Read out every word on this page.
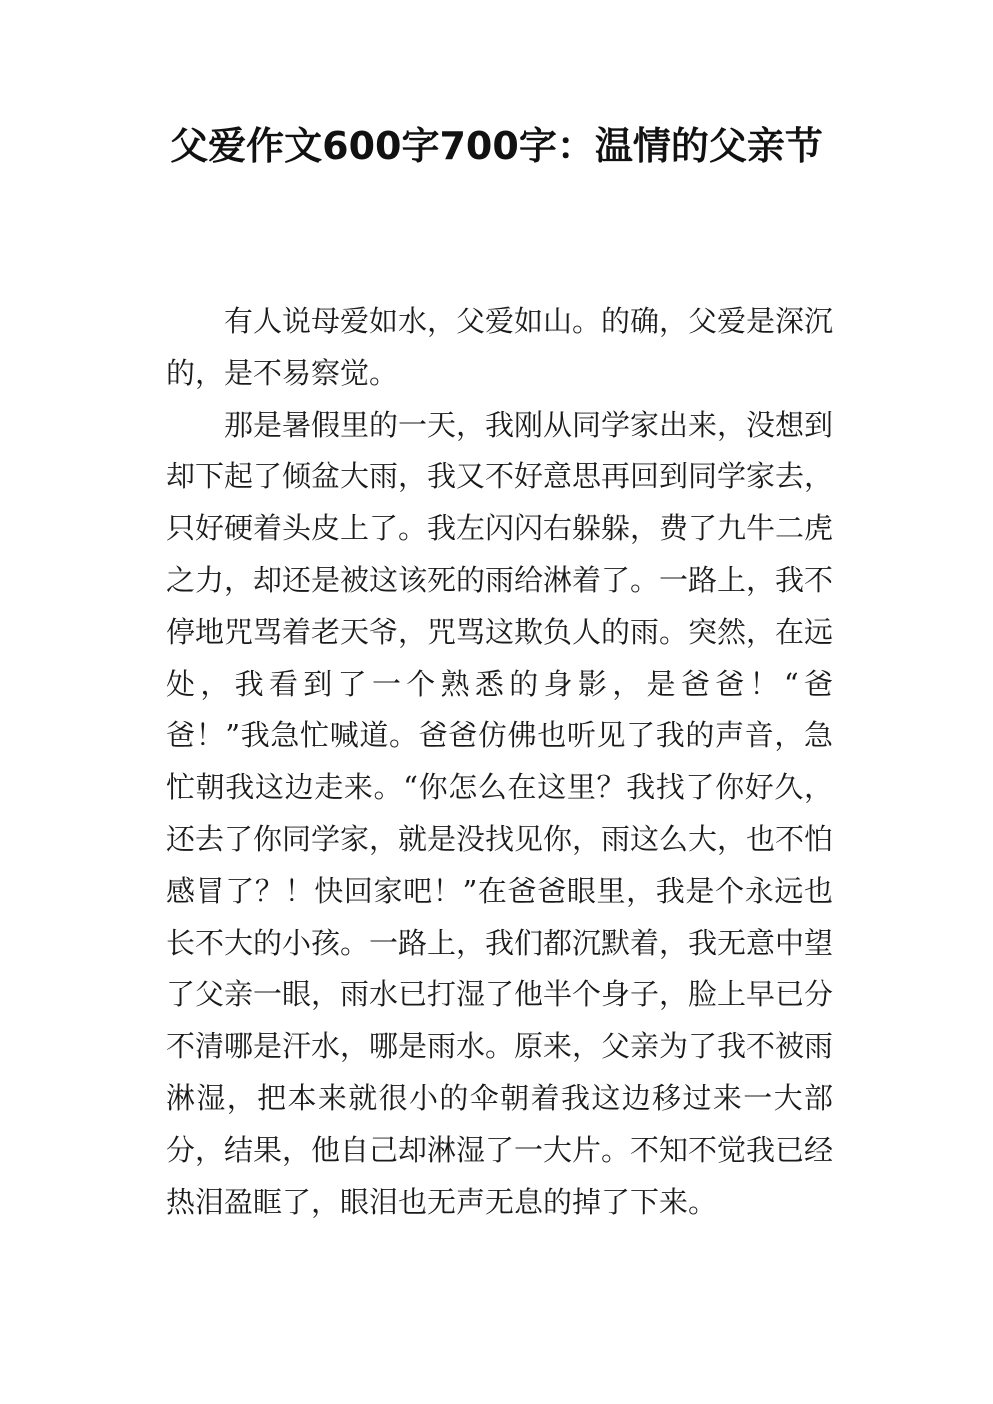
父爱作文600字700字：温情的父亲节

有人说母爱如水，父爱如山。的确，父爱是深沉的，是不易察觉。

那是暑假里的一天，我刚从同学家出来，没想到却下起了倾盆大雨，我又不好意思再回到同学家去，只好硬着头皮上了。我左闪闪右躲躲，费了九牛二虎之力，却还是被这该死的雨给淋着了。一路上，我不停地咒骂着老天爷，咒骂这欺负人的雨。突然，在远处，我看到了一个熟悉的身影，是爸爸！“爸爸！”我急忙喊道。爸爸仿佛也听见了我的声音，急忙朝我这边走来。“你怎么在这里？我找了你好久，还去了你同学家，就是没找见你，雨这么大，也不怕感冒了？！快回家吧！”在爸爸眼里，我是个永远也长不大的小孩。一路上，我们都沉默着，我无意中望了父亲一眼，雨水已打湿了他半个身子，脸上早已分不清哪是汗水，哪是雨水。原来，父亲为了我不被雨淋湿，把本来就很小的伞朝着我这边移过来一大部分，结果，他自己却淋湿了一大片。不知不觉我已经热泪盈眶了，眼泪也无声无息的掉了下来。
